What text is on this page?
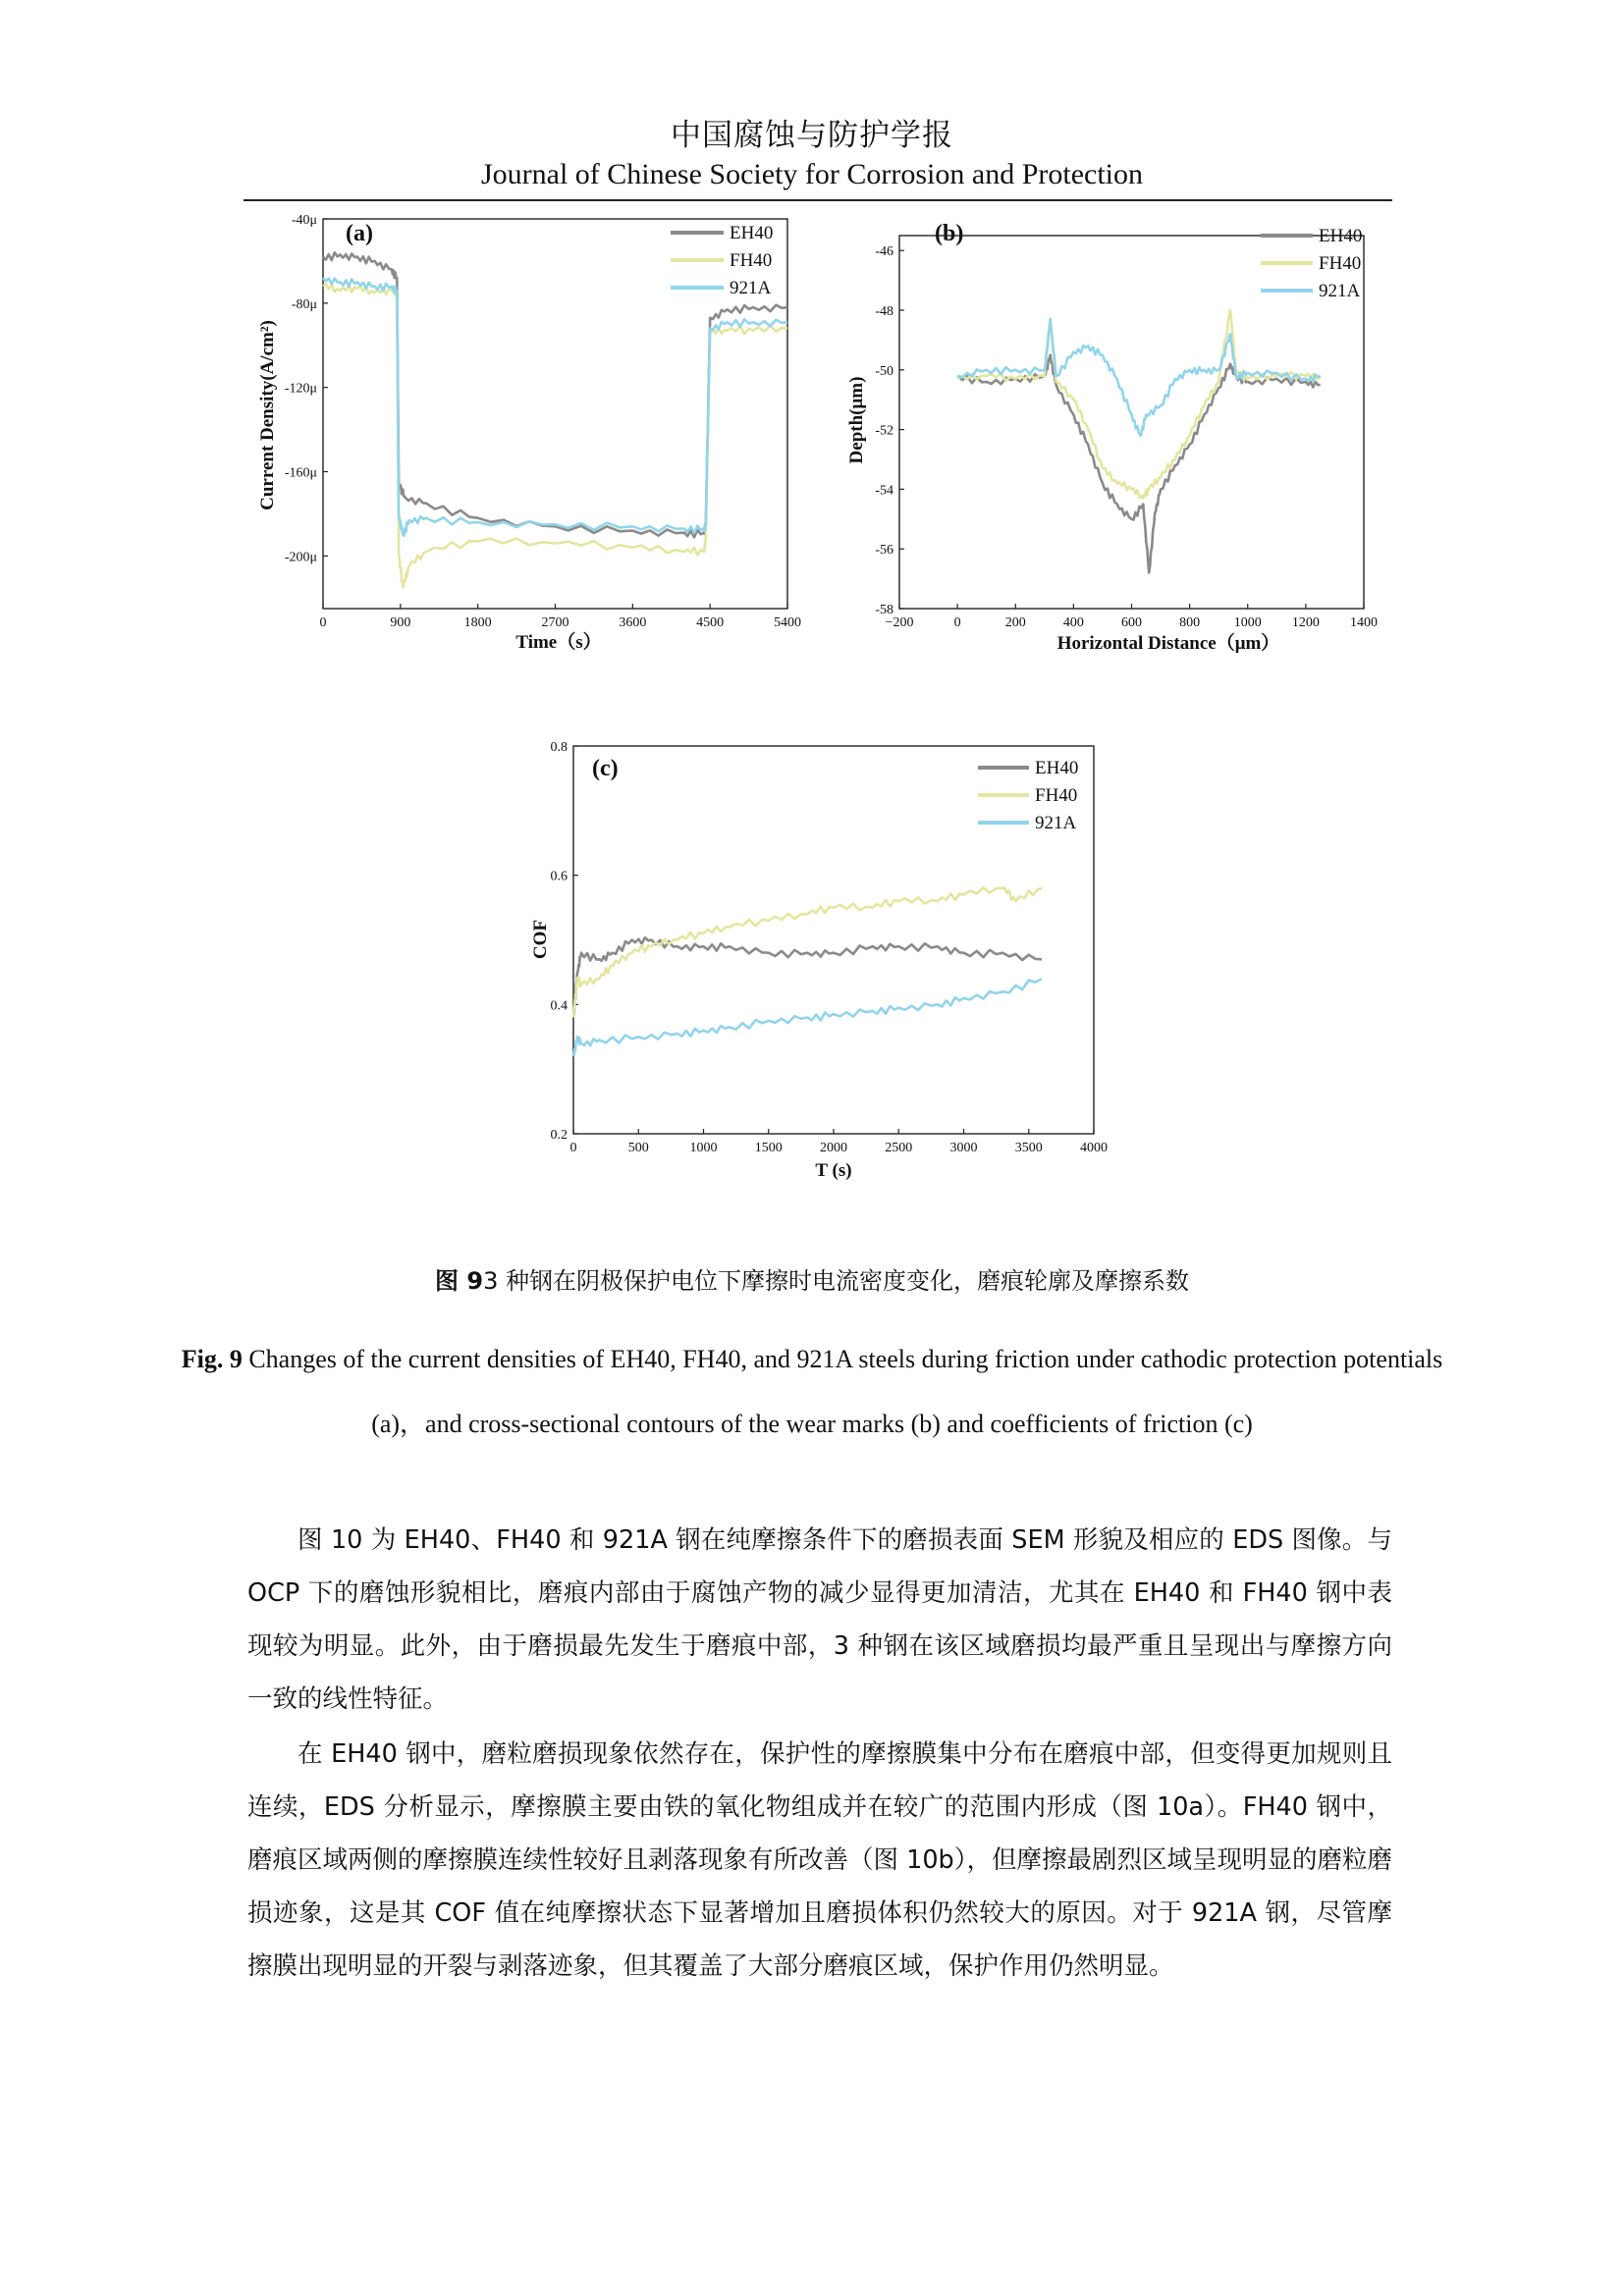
中国腐蚀与防护学报
Journal of Chinese Society for Corrosion and Protection
(a)
0	900	1800	2700	3600	4500	5400
-40μ
-80μ
-120μ
-160μ
-200μ
Time（s）
Current Density(A/cm²)
EH40
FH40
921A
(b)
−200	0	200	400	600	800 1000 1200 1400
-46
-48
-50
-52
-54
-56
-58
Horizontal Distance（μm）
Depth(μm)
EH40
FH40
921A
(c)
0	500	1000	1500	2000	2500	3000	3500	4000
0.2
0.4
0.6
0.8
T (s)
COF
EH40
FH40
921A
图 93 种钢在阴极保护电位下摩擦时电流密度变化，磨痕轮廓及摩擦系数
Fig. 9 Changes of the current densities of EH40, FH40, and 921A steels during friction under cathodic protection potentials (a)，and cross-sectional contours of the wear marks (b) and coefficients of friction (c)

图 10 为 EH40、FH40 和 921A 钢在纯摩擦条件下的磨损表面 SEM 形貌及相应的 EDS 图像。与 OCP 下的磨蚀形貌相比，磨痕内部由于腐蚀产物的减少显得更加清洁，尤其在 EH40 和 FH40 钢中表现较为明显。此外，由于磨损最先发生于磨痕中部，3 种钢在该区域磨损均最严重且呈现出与摩擦方向一致的线性特征。

在 EH40 钢中，磨粒磨损现象依然存在，保护性的摩擦膜集中分布在磨痕中部，但变得更加规则且连续，EDS 分析显示，摩擦膜主要由铁的氧化物组成并在较广的范围内形成（图 10a）。FH40 钢中，磨痕区域两侧的摩擦膜连续性较好且剥落现象有所改善（图 10b），但摩擦最剧烈区域呈现明显的磨粒磨损迹象，这是其 COF 值在纯摩擦状态下显著增加且磨损体积仍然较大的原因。对于 921A 钢，尽管摩擦膜出现明显的开裂与剥落迹象，但其覆盖了大部分磨痕区域，保护作用仍然明显。
